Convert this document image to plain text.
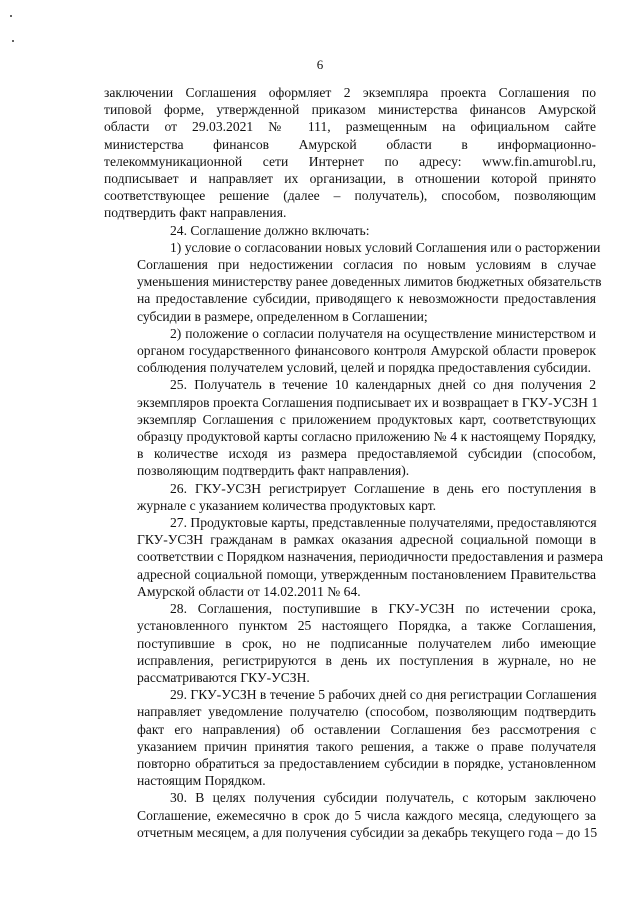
6

заключении Соглашения оформляет 2 экземпляра проекта Соглашения по
типовой форме, утвержденной приказом министерства финансов Амурской
области от 29.03.2021 № 111, размещенным на официальном сайте
министерства финансов Амурской области в информационно-
телекоммуникационной сети Интернет по адресу: www.fin.amurobl.ru,
подписывает и направляет их организации, в отношении которой принято
соответствующее решение (далее – получатель), способом, позволяющим
подтвердить факт направления.

24. Соглашение должно включать:

1) условие о согласовании новых условий Соглашения или о расторжении
Соглашения при недостижении согласия по новым условиям в случае
уменьшения министерству ранее доведенных лимитов бюджетных обязательств
на предоставление субсидии, приводящего к невозможности предоставления
субсидии в размере, определенном в Соглашении;

2) положение о согласии получателя на осуществление министерством и
органом государственного финансового контроля Амурской области проверок
соблюдения получателем условий, целей и порядка предоставления субсидии.

25. Получатель в течение 10 календарных дней со дня получения 2
экземпляров проекта Соглашения подписывает их и возвращает в ГКУ-УСЗН 1
экземпляр Соглашения с приложением продуктовых карт, соответствующих
образцу продуктовой карты согласно приложению № 4 к настоящему Порядку,
в количестве исходя из размера предоставляемой субсидии (способом,
позволяющим подтвердить факт направления).

26. ГКУ-УСЗН регистрирует Соглашение в день его поступления в
журнале с указанием количества продуктовых карт.

27. Продуктовые карты, представленные получателями, предоставляются
ГКУ-УСЗН гражданам в рамках оказания адресной социальной помощи в
соответствии с Порядком назначения, периодичности предоставления и размера
адресной социальной помощи, утвержденным постановлением Правительства
Амурской области от 14.02.2011 № 64.

28. Соглашения, поступившие в ГКУ-УСЗН по истечении срока,
установленного пунктом 25 настоящего Порядка, а также Соглашения,
поступившие в срок, но не подписанные получателем либо имеющие
исправления, регистрируются в день их поступления в журнале, но не
рассматриваются ГКУ-УСЗН.

29. ГКУ-УСЗН в течение 5 рабочих дней со дня регистрации Соглашения
направляет уведомление получателю (способом, позволяющим подтвердить
факт его направления) об оставлении Соглашения без рассмотрения с
указанием причин принятия такого решения, а также о праве получателя
повторно обратиться за предоставлением субсидии в порядке, установленном
настоящим Порядком.

30. В целях получения субсидии получатель, с которым заключено
Соглашение, ежемесячно в срок до 5 числа каждого месяца, следующего за
отчетным месяцем, а для получения субсидии за декабрь текущего года – до 15
